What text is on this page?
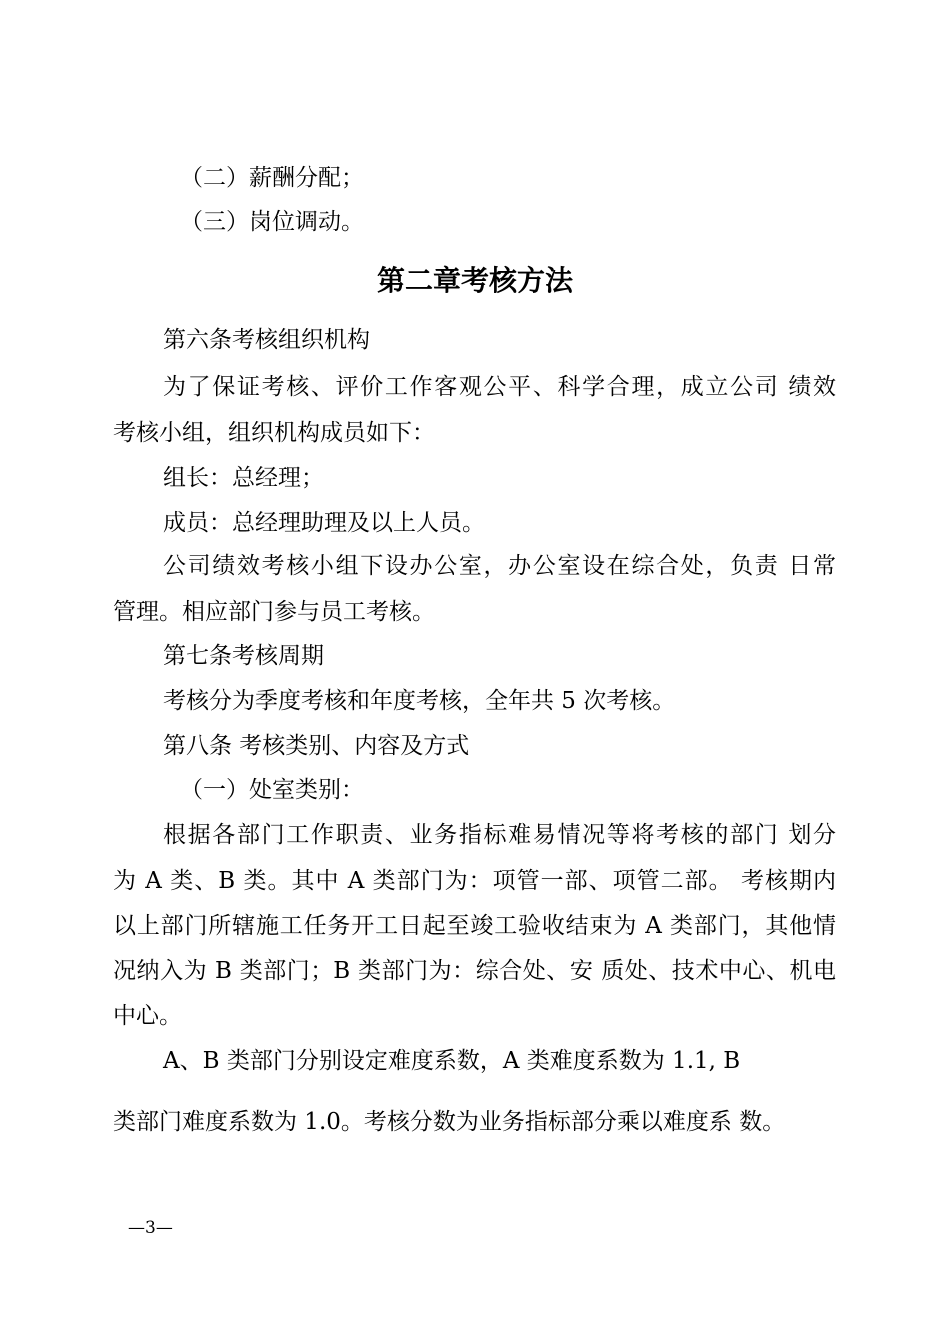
（二）薪酬分配；
（三）岗位调动。
第二章考核方法
第六条考核组织机构
为了保证考核、评价工作客观公平、科学合理，成立公司 绩效
考核小组，组织机构成员如下：
组长：总经理；
成员：总经理助理及以上人员。
公司绩效考核小组下设办公室，办公室设在综合处，负责 日常
管理。相应部门参与员工考核。
第七条考核周期
考核分为季度考核和年度考核，全年共 5 次考核。
第八条 考核类别、内容及方式
（一）处室类别：
根据各部门工作职责、业务指标难易情况等将考核的部门 划分
为 A 类、B 类。其中 A 类部门为：项管一部、项管二部。 考核期内
以上部门所辖施工任务开工日起至竣工验收结束为 A 类部门，其他情
况纳入为 B 类部门；B 类部门为：综合处、安 质处、技术中心、机电
中心。
A、B 类部门分别设定难度系数，A 类难度系数为 1.1, B
类部门难度系数为 1.0。考核分数为业务指标部分乘以难度系 数。
—3—
